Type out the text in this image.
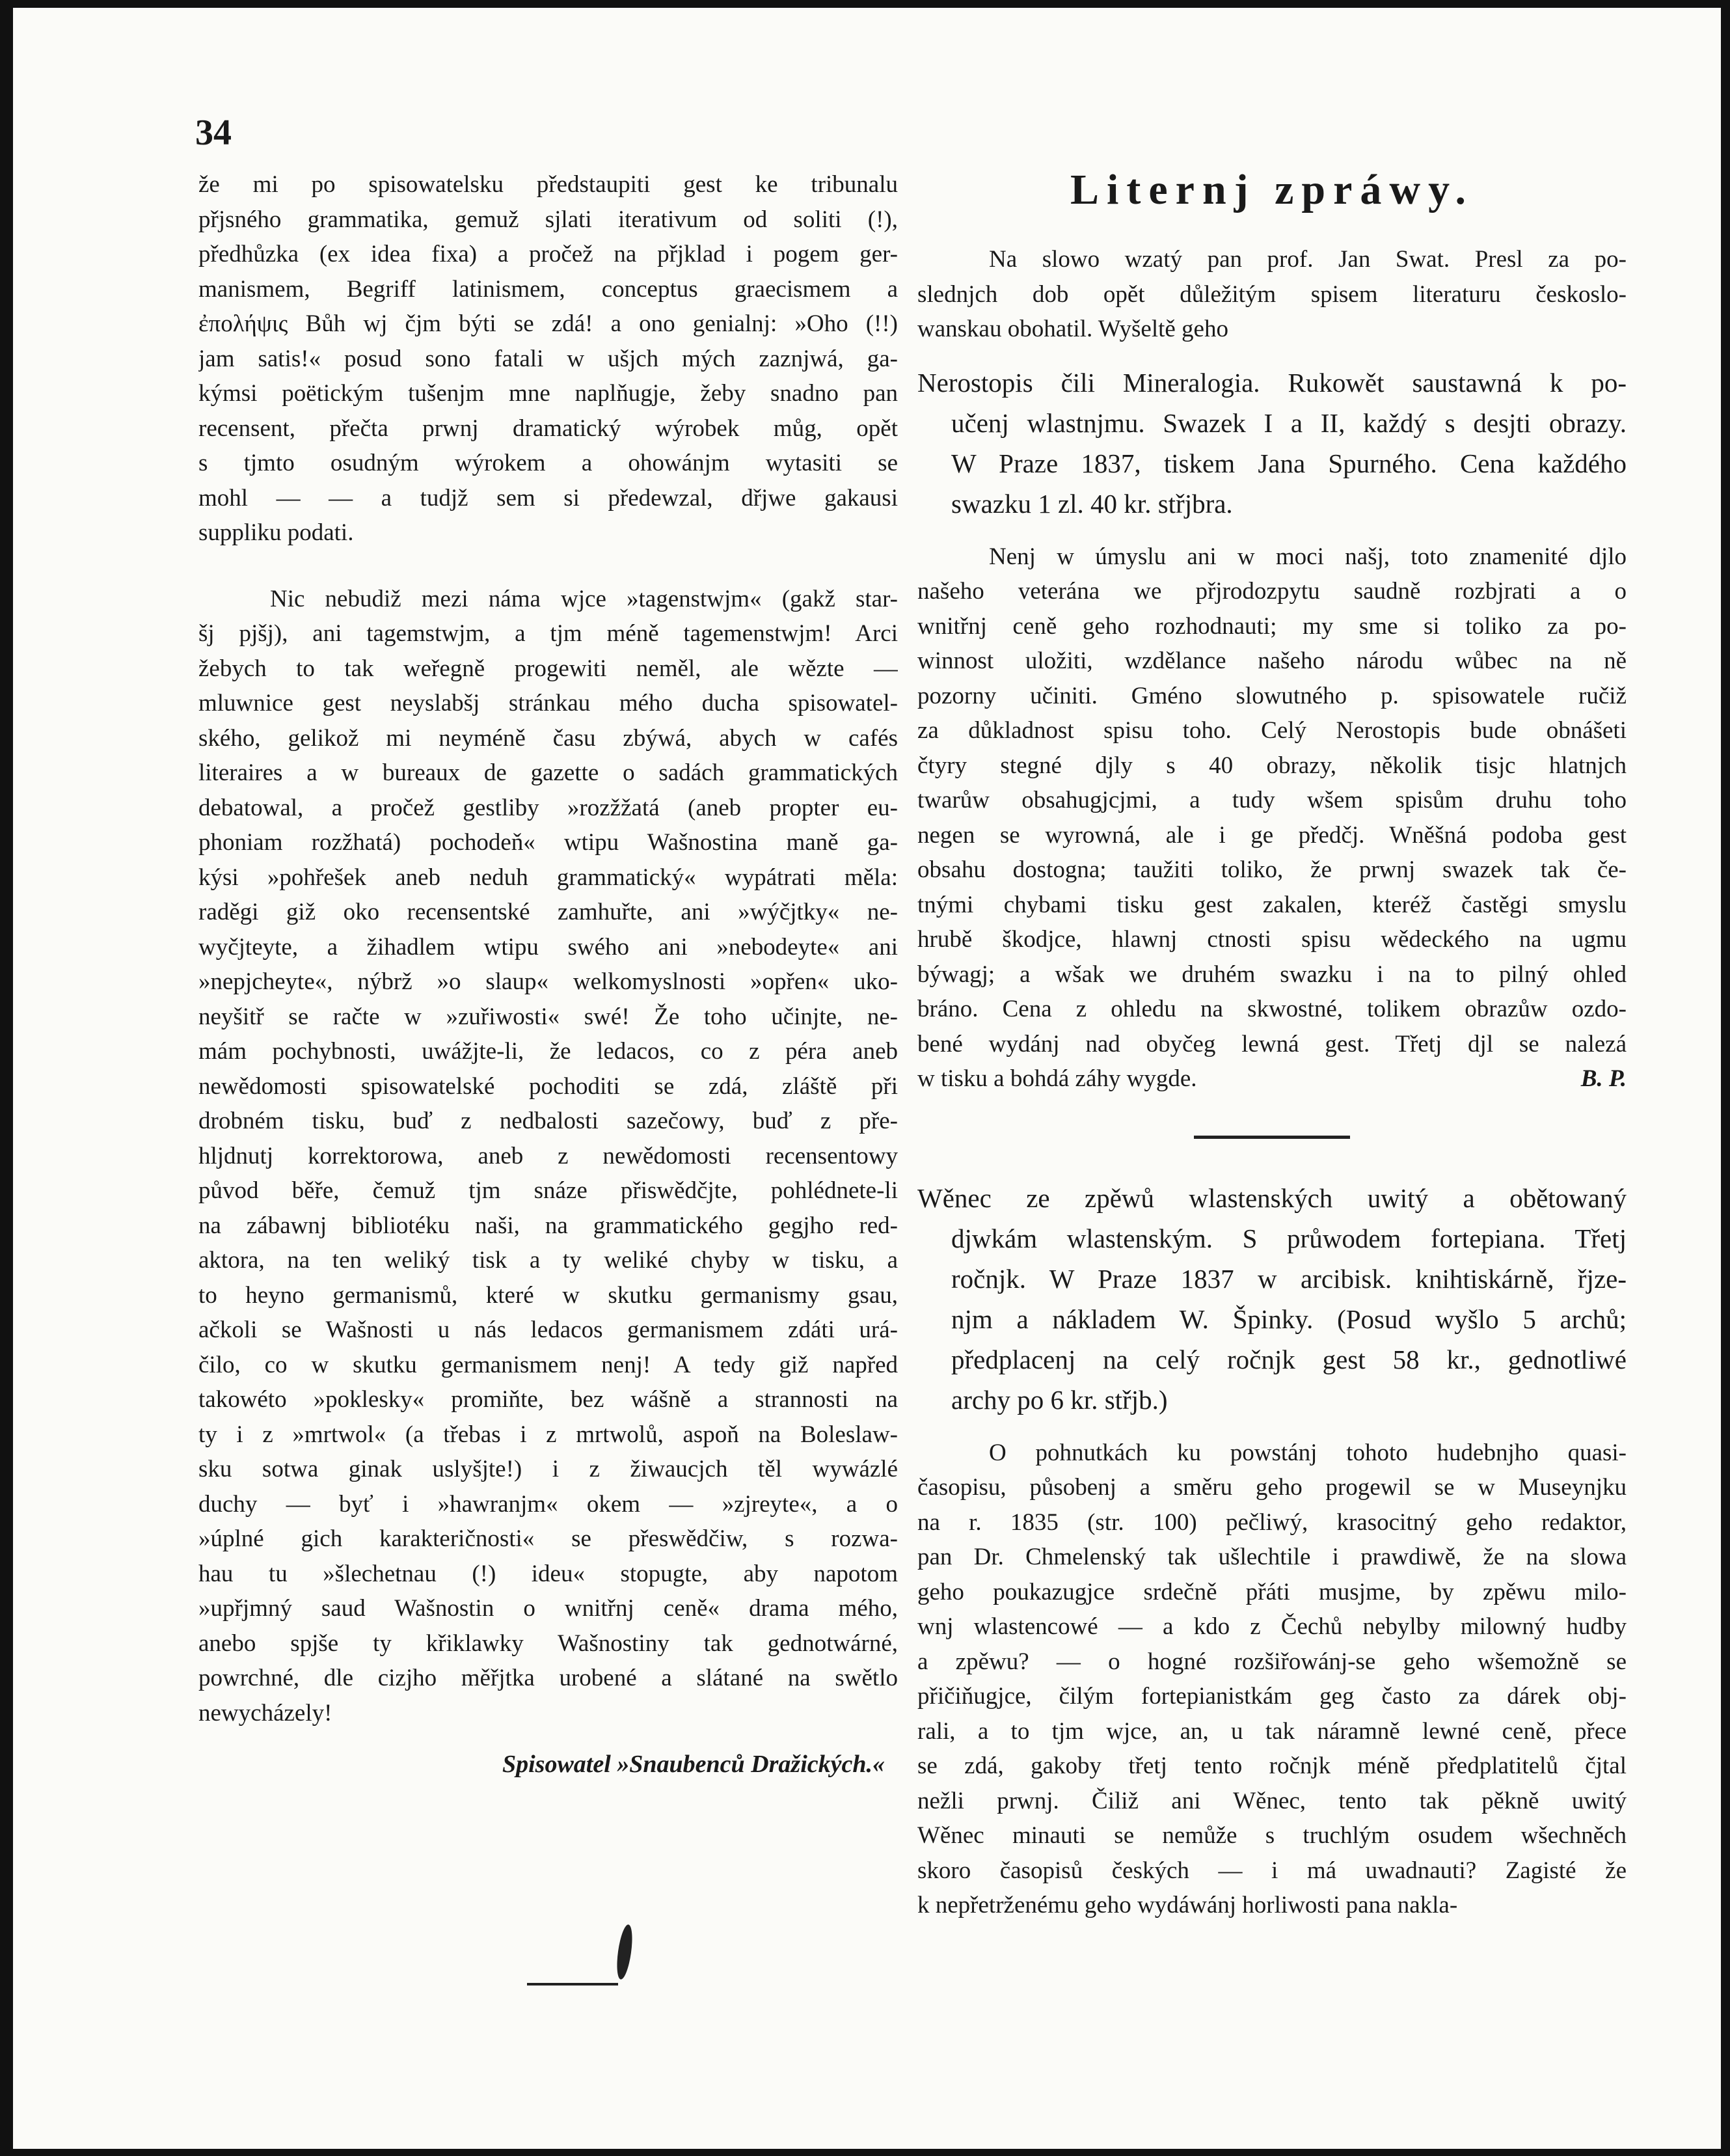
34
že mi po spisowatelsku předstaupiti gest ke tribunalu
přjsného grammatika, gemuž sjlati iterativum od soliti (!),
předhůzka (ex idea fixa) a pročež na přjklad i pogem ger-
manismem, Begriff latinismem, conceptus graecismem a
ἐπολήψις Bůh wj čjm býti se zdá! a ono genialnj: »Oho (!!)
jam satis!« posud sono fatali w ušjch mých zaznjwá, ga-
kýmsi poëtickým tušenjm mne naplňugje, žeby snadno pan
recensent, přečta prwnj dramatický wýrobek můg, opět
s tjmto osudným wýrokem a ohowánjm wytasiti se
mohl — — a tudjž sem si předewzal, dřjwe gakausi
suppliku podati.
Nic nebudiž mezi náma wjce »tagenstwjm« (gakž star-
šj pjšj), ani tagemstwjm, a tjm méně tagemenstwjm! Arci
žebych to tak weřegně progewiti neměl, ale wězte —
mluwnice gest neyslabšj stránkau mého ducha spisowatel-
ského, gelikož mi neyméně času zbýwá, abych w cafés
literaires a w bureaux de gazette o sadách grammatických
debatowal, a pročež gestliby »rozžžatá (aneb propter eu-
phoniam rozžhatá) pochodeň« wtipu Wašnostina maně ga-
kýsi »pohřešek aneb neduh grammatický« wypátrati měla:
raděgi giž oko recensentské zamhuřte, ani »wýčjtky« ne-
wyčjteyte, a žihadlem wtipu swého ani »nebodeyte« ani
»nepjcheyte«, nýbrž »o slaup« welkomyslnosti »opřen« ukο-
neyšitř se račte w »zuřiwosti« swé! Že toho učinjte, ne-
mám pochybnosti, uwážjte-li, že ledacos, co z péra aneb
newědomosti spisowatelské pochoditi se zdá, zláště při
drobném tisku, buď z nedbalosti sazečowy, buď z pře-
hljdnutj korrektorowa, aneb z newědomosti recensentowy
původ běře, čemuž tjm snáze přiswědčjte, pohlédnete-li
na zábawnj bibliotéku naši, na grammatického gegjho red-
aktora, na ten weliký tisk a ty weliké chyby w tisku, a
to heyno germanismů, které w skutku germanismy gsau,
ačkoli se Wašnosti u nás ledacos germanismem zdáti urá-
čilo, co w skutku germanismem nenj! A tedy giž napřed
takowéto »poklesky« promiňte, bez wášně a strannosti na
ty i z »mrtwol« (a třebas i z mrtwolů, aspoň na Boleslaw-
sku sotwa ginak uslyšjte!) i z žiwaucjch těl wywázlé
duchy — byť i »hawranjm« okem — »zjreyte«, a o
»úplné gich karakteričnosti« se přeswědčiw, s rozwa-
hau tu »šlechetnau (!) ideu« stopugte, aby napotom
»upřjmný saud Wašnostin o wnitřnj ceně« drama mého,
anebo spjše ty křiklawky Wašnostiny tak gednotwárné,
powrchné, dle cizjho měřjtka urobené a slátané na swětlo
newycházely!
Spisowatel »Snaubenců Dražických.«
Liternj zpráwy.
Na slowo wzatý pan prof. Jan Swat. Presl za po-
slednjch dob opět důležitým spisem literaturu českoslo-
wanskau obohatil. Wyšeltě geho
Nerostopis čili Mineralogia. Rukowět saustawná k po-
učenj wlastnjmu. Swazek I a II, každý s desjti obrazy.
W Praze 1837, tiskem Jana Spurného. Cena každého
swazku 1 zl. 40 kr. střjbra.
Nenj w úmyslu ani w moci našj, toto znamenité djlo
našeho veterána we přjrodozpytu saudně rozbjrati a o
wnitřnj ceně geho rozhodnauti; my sme si toliko za po-
winnost uložiti, wzdělance našeho národu wůbec na ně
pozorny učiniti. Gméno slowutného p. spisowatele ručiž
za důkladnost spisu toho. Celý Nerostopis bude obnášeti
čtyry stegné djly s 40 obrazy, několik tisjc hlatnjch
twarůw obsahugjcjmi, a tudy wšem spisům druhu toho
negen se wyrowná, ale i ge předčj. Wněšná podoba gest
obsahu dostogna; taužiti toliko, že prwnj swazek tak če-
tnými chybami tisku gest zakalen, kteréž častěgi smyslu
hrubě škodjce, hlawnj ctnosti spisu wědeckého na ugmu
býwagj; a wšak we druhém swazku i na to pilný ohled
bráno. Cena z ohledu na skwostné, tolikem obrazůw ozdo-
bené wydánj nad obyčeg lewná gest. Třetj djl se nalezá
w tisku a bohdá záhy wygde.	B. P.
Wěnec ze zpěwů wlastenských uwitý a obětowaný
djwkám wlastenským. S průwodem fortepiana. Třetj
ročnjk. W Praze 1837 w arcibisk. knihtiskárně, řjze-
njm a nákladem W. Špinky. (Posud wyšlo 5 archů;
předplacenj na celý ročnjk gest 58 kr., gednotliwé
archy po 6 kr. střjb.)
O pohnutkách ku powstánj tohoto hudebnjho quasi-
časopisu, působenj a směru geho progewil se w Museynjku
na r. 1835 (str. 100) pečliwý, krasocitný geho redaktor,
pan Dr. Chmelenský tak ušlechtile i prawdiwě, že na slowa
geho poukazugjce srdečně přáti musjme, by zpěwu milo-
wnj wlastencowé — a kdo z Čechů nebylby milowný hudby
a zpěwu? — o hogné rozšiřowánj-se geho wšemožně se
přičiňugjce, čilým fortepianistkám geg často za dárek obj-
rali, a to tjm wjce, an, u tak náramně lewné ceně, přece
se zdá, gakoby třetj tento ročnjk méně předplatitelů čjtal
nežli prwnj. Čiliž ani Wěnec, tento tak pěkně uwitý
Wěnec minauti se nemůže s truchlým osudem wšechněch
skoro časopisů českých — i má uwadnauti? Zagisté že
k nepřetrženému geho wydáwánj horliwosti pana nakla-
